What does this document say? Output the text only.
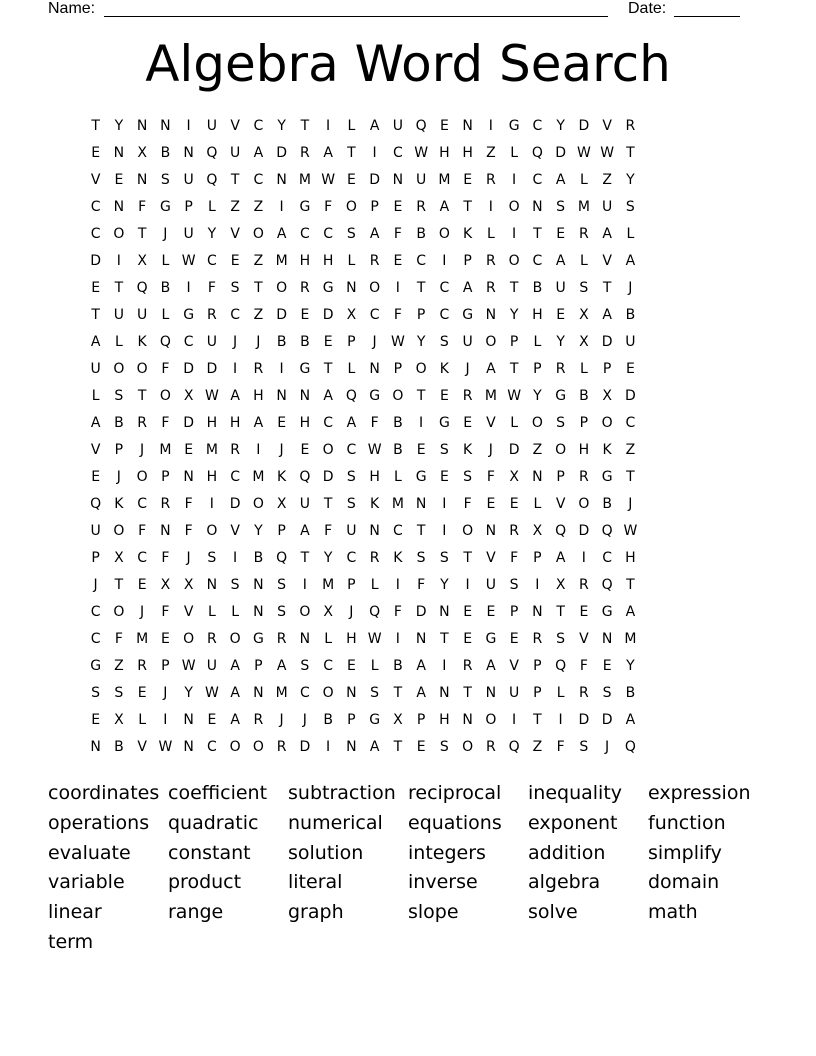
Name:	Date:
Algebra Word Search
T	Y N N	I	U V C	Y	T	I	L	A U Q E N	I	G C	Y D V R
E N X B N Q U A D R A	T	I	C W H H Z	L Q D W W T
V	E N S U Q T	C N M W E D N U M E R	I	C A	L	Z	Y
C N F G P	L	Z Z	I	G F O P	E R A	T	I	O N S M U S
C O T	J	U Y	V O A C C S	A	F	B O K	L	I	T	E R A	L
D	I	X	L W C E	Z M H H	L	R E C	I	P	R O C A	L	V A
E	T Q B	I	F	S	T O R G N O	I	T	C A R	T	B U S	T	J
T U U	L G R C Z D E D X C	F	P	C G N Y H E	X A B
A	L	K Q C U	J	J	B B	E	P	J	W Y	S U O P	L	Y	X D U
U O O F D D	I	R	I	G T	L	N P O K	J	A	T	P	R	L	P	E
L	S	T O X W A H N N A Q G O T	E R M W Y G B X D
A B R	F D H H A	E H C A	F	B	I	G E	V	L O S	P O C
V	P	J	M E M R	I	J	E O C W B	E	S	K	J	D Z O H K Z
E	J	O P N H C M K Q D S H	L G E	S	F	X N P	R G T
Q K C R	F	I	D O X U T	S	K M N	I	F	E	E	L	V O B	J
U O F N F O V	Y	P	A	F	U N C	T	I	O N R X Q D Q W
P	X C	F	J	S	I	B Q T	Y	C R K	S	S	T	V	F	P	A	I	C H
J	T	E	X X N S N S	I	M P	L	I	F	Y	I	U S	I	X R Q T
C O	J	F	V	L	L	N S O X	J	Q F D N E	E	P N T	E G A
C	F M E O R O G R N	L	H W	I	N T	E G E R S	V N M
G Z R	P W U A	P	A	S C E	L	B A	I	R A V	P Q F	E	Y
S	S	E	J	Y W A N M C O N S	T	A N T N U P	L	R S	B
E	X	L	I	N E	A R	J	J	B	P G X	P H N O	I	T	I	D D A
N B V W N C O O R D	I	N A	T	E	S O R Q Z	F	S	J	Q
coordinates coefficient	subtraction reciprocal	inequality	expression
operations quadratic	numerical	equations	exponent	function
evaluate	constant	solution	integers	addition	simplify
variable	product	literal	inverse	algebra	domain
linear	range	graph	slope	solve	math
term
